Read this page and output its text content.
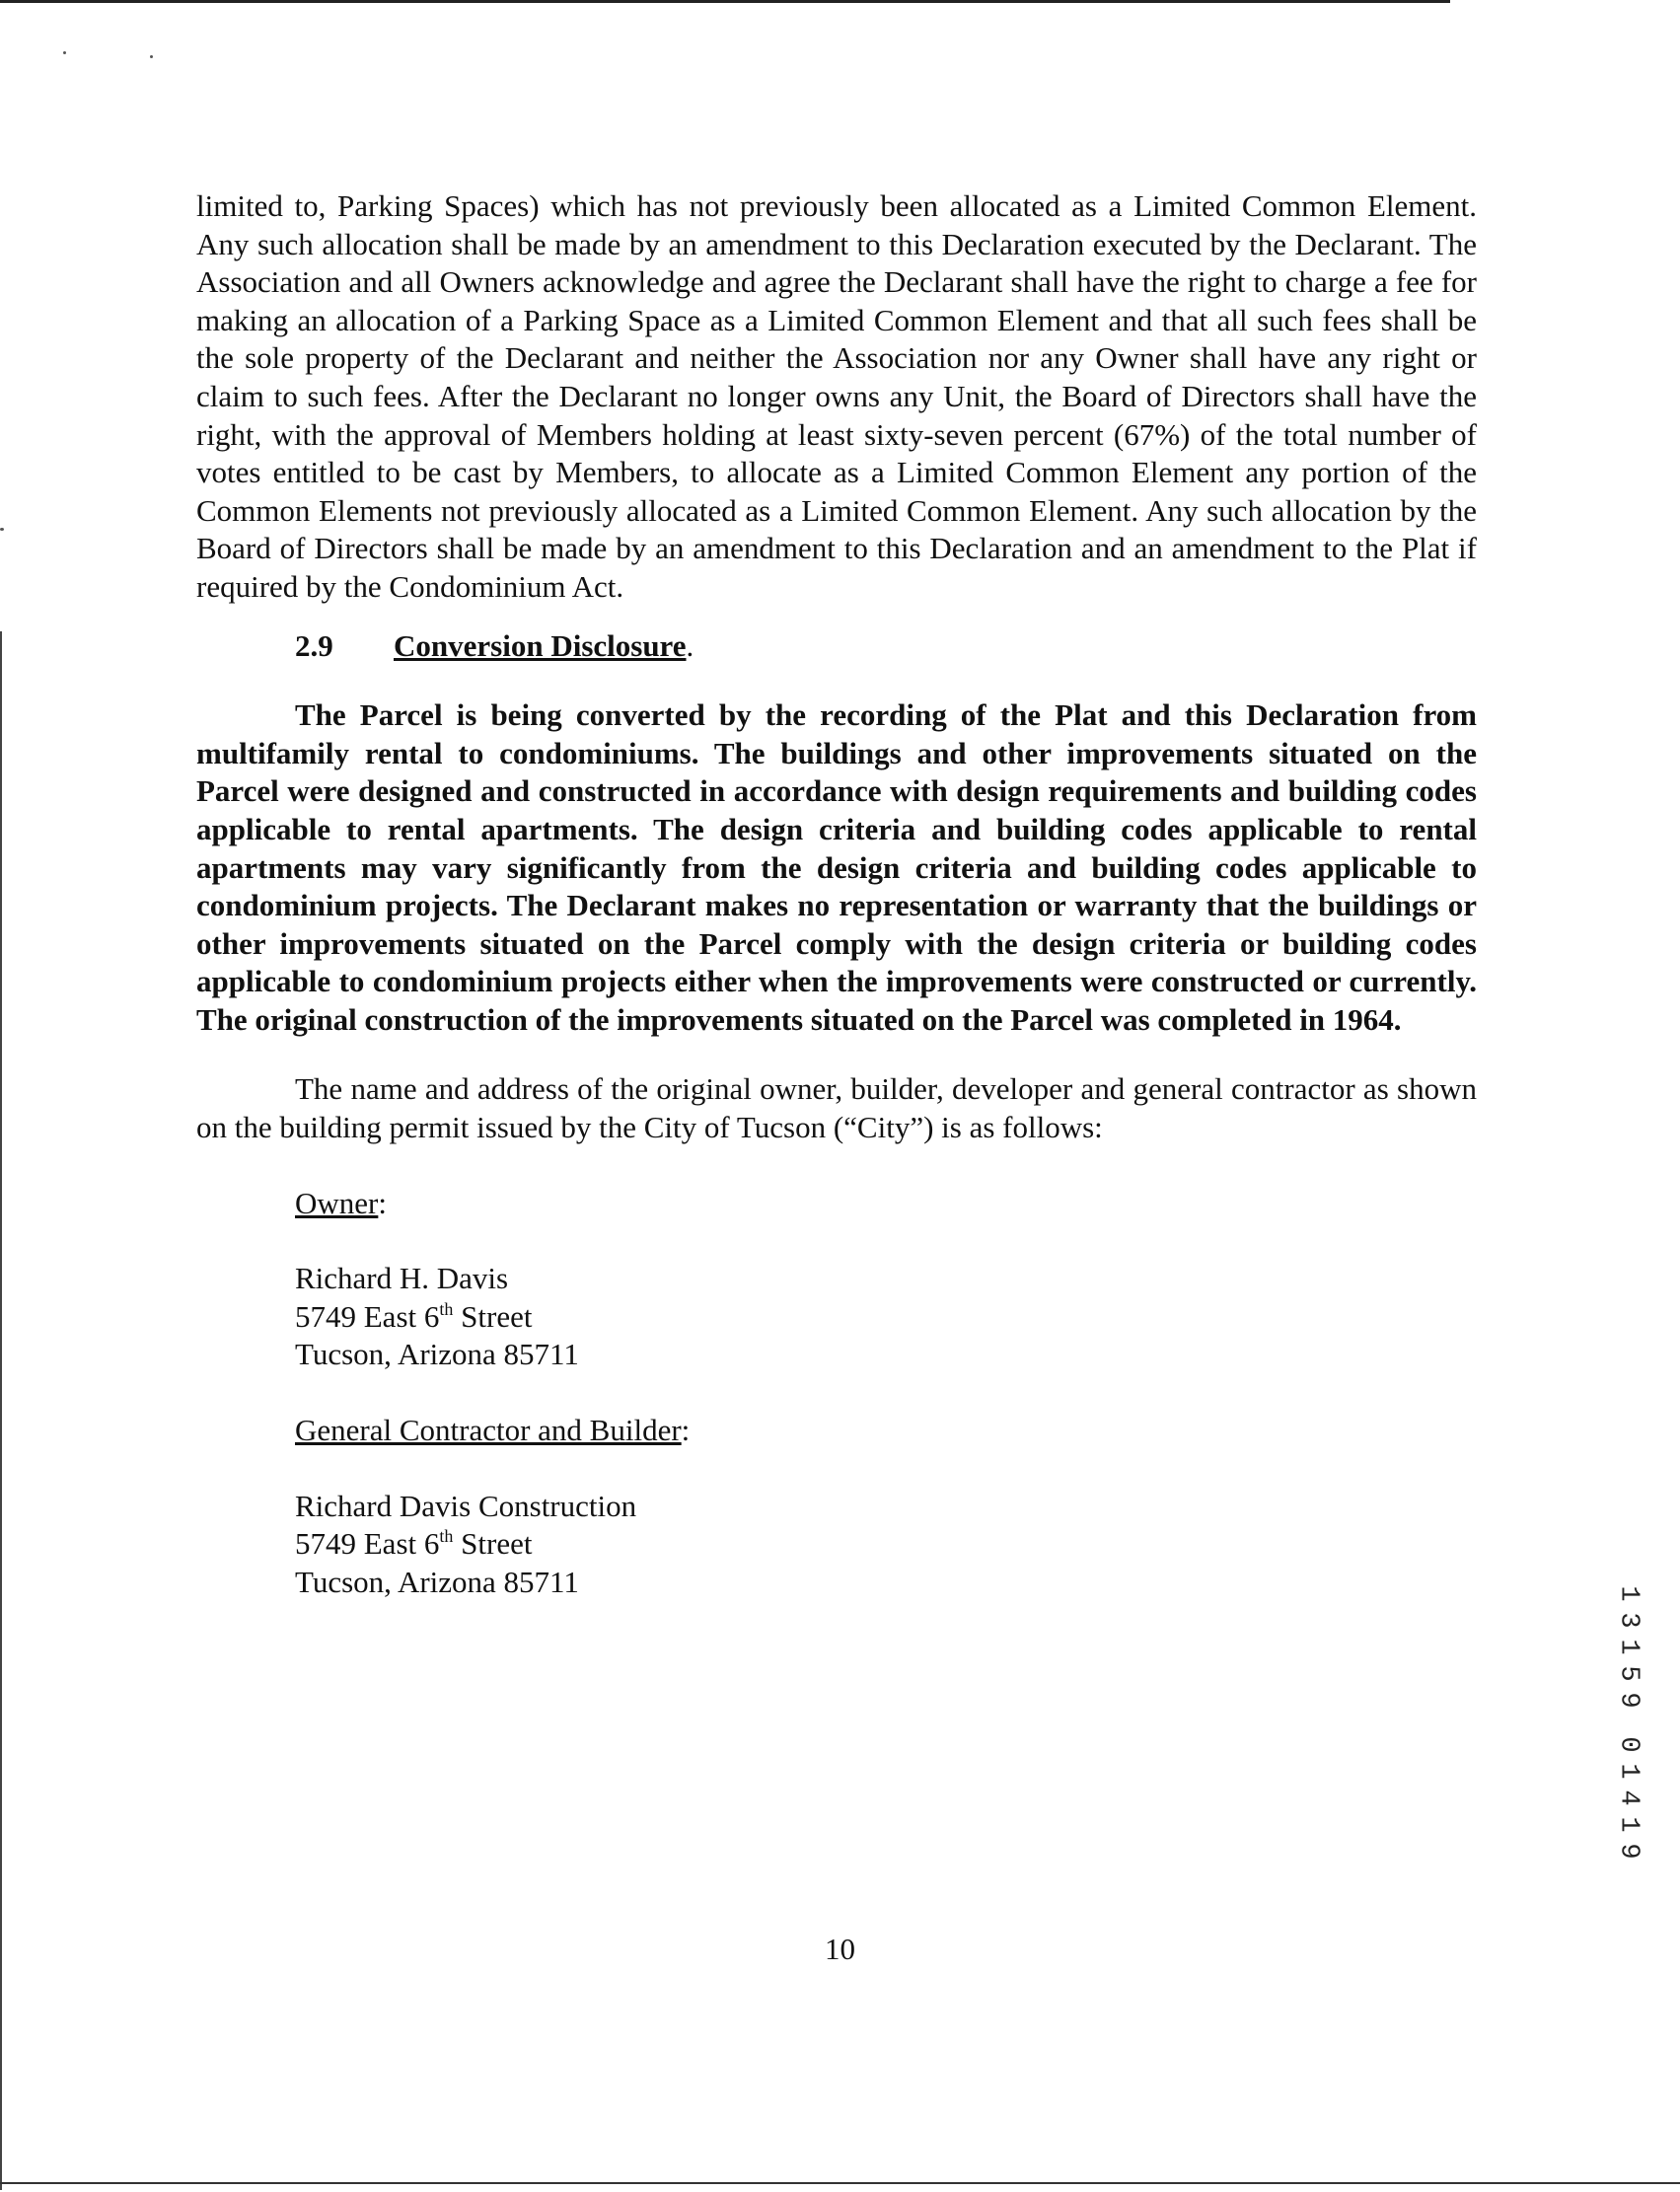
limited to, Parking Spaces) which has not previously been allocated as a Limited Common Element. Any such allocation shall be made by an amendment to this Declaration executed by the Declarant. The Association and all Owners acknowledge and agree the Declarant shall have the right to charge a fee for making an allocation of a Parking Space as a Limited Common Element and that all such fees shall be the sole property of the Declarant and neither the Association nor any Owner shall have any right or claim to such fees. After the Declarant no longer owns any Unit, the Board of Directors shall have the right, with the approval of Members holding at least sixty-seven percent (67%) of the total number of votes entitled to be cast by Members, to allocate as a Limited Common Element any portion of the Common Elements not previously allocated as a Limited Common Element. Any such allocation by the Board of Directors shall be made by an amendment to this Declaration and an amendment to the Plat if required by the Condominium Act.

2.9 Conversion Disclosure.

The Parcel is being converted by the recording of the Plat and this Declaration from multifamily rental to condominiums. The buildings and other improvements situated on the Parcel were designed and constructed in accordance with design requirements and building codes applicable to rental apartments. The design criteria and building codes applicable to rental apartments may vary significantly from the design criteria and building codes applicable to condominium projects. The Declarant makes no representation or warranty that the buildings or other improvements situated on the Parcel comply with the design criteria or building codes applicable to condominium projects either when the improvements were constructed or currently. The original construction of the improvements situated on the Parcel was completed in 1964.

The name and address of the original owner, builder, developer and general contractor as shown on the building permit issued by the City of Tucson (“City”) is as follows:

Owner:
Richard H. Davis
5749 East 6th Street
Tucson, Arizona 85711
General Contractor and Builder:
Richard Davis Construction
5749 East 6th Street
Tucson, Arizona 85711
10
1
3
1
5
9
0
1
4
1
9
